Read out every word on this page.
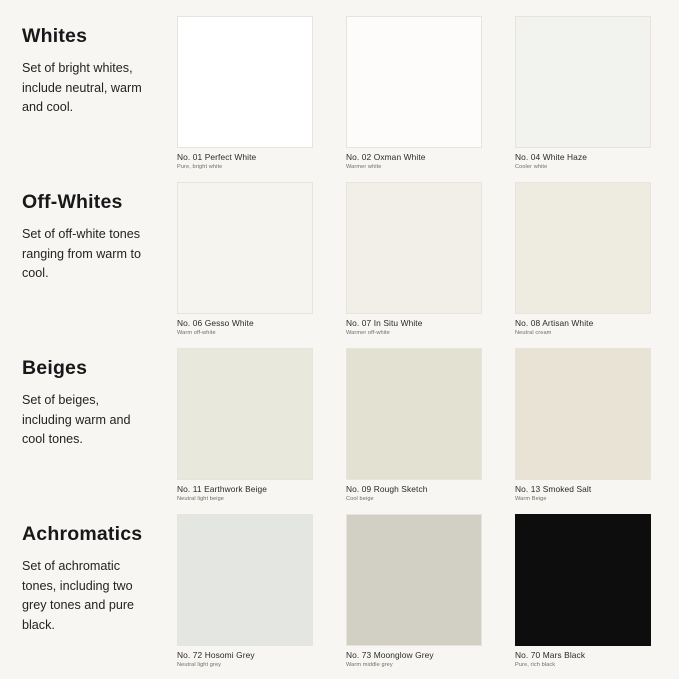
Whites

Set of bright whites, include neutral, warm and cool.

No. 01 Perfect White

Pure, bright white

No. 02 Oxman White

Warmer white

No. 04 White Haze

Cooler white

Off-Whites

Set of off-white tones ranging from warm to cool.

No. 06 Gesso White

Warm off-white

No. 07 In Situ White

Warmer off-white

No. 08 Artisan White

Neutral cream

Beiges

Set of beiges, including warm and cool tones.

No. 11 Earthwork Beige

Neutral light beige

No. 09 Rough Sketch

Cool beige

No. 13 Smoked Salt

Warm Beige

Achromatics

Set of achromatic tones, including two grey tones and pure black.

No. 72 Hosomi Grey

Neutral light grey

No. 73 Moonglow Grey

Warm middle grey

No. 70 Mars Black

Pure, rich black
